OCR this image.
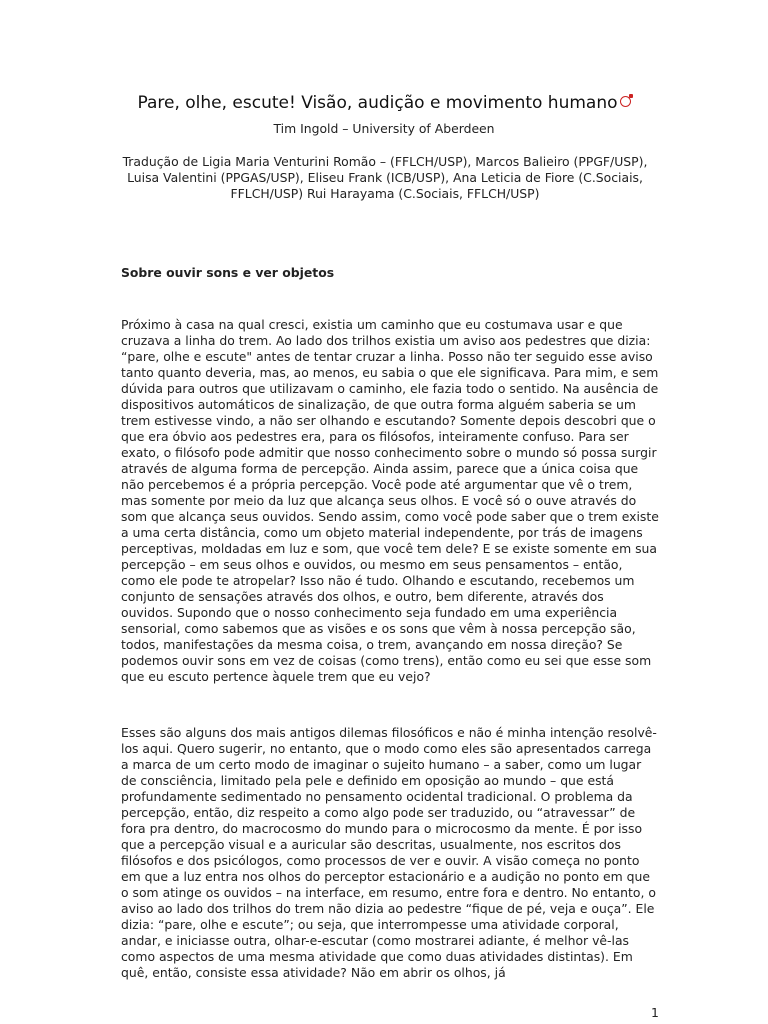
Pare, olhe, escute! Visão, audição e movimento humano
Tim Ingold – University of Aberdeen
Tradução de Ligia Maria Venturini Romão – (FFLCH/USP), Marcos Balieiro (PPGF/USP), Luisa Valentini (PPGAS/USP), Eliseu Frank (ICB/USP), Ana Leticia de Fiore (C.Sociais, FFLCH/USP) Rui Harayama (C.Sociais, FFLCH/USP)
Sobre ouvir sons e ver objetos
Próximo à casa na qual cresci, existia um caminho que eu costumava usar e que cruzava a linha do trem. Ao lado dos trilhos existia um aviso aos pedestres que dizia: “pare, olhe e escute" antes de tentar cruzar a linha. Posso não ter seguido esse aviso tanto quanto deveria, mas, ao menos, eu sabia o que ele significava. Para mim, e sem dúvida para outros que utilizavam o caminho, ele fazia todo o sentido. Na ausência de dispositivos automáticos de sinalização, de que outra forma alguém saberia se um trem estivesse vindo, a não ser olhando e escutando? Somente depois descobri que o que era óbvio aos pedestres era, para os filósofos, inteiramente confuso. Para ser exato, o filósofo pode admitir que nosso conhecimento sobre o mundo só possa surgir através de alguma forma de percepção. Ainda assim, parece que a única coisa que não percebemos é a própria percepção. Você pode até argumentar que vê o trem, mas somente por meio da luz que alcança seus olhos. E você só o ouve através do som que alcança seus ouvidos. Sendo assim, como você pode saber que o trem existe a uma certa distância, como um objeto material independente, por trás de imagens perceptivas, moldadas em luz e som, que você tem dele? E se existe somente em sua percepção – em seus olhos e ouvidos, ou mesmo em seus pensamentos – então, como ele pode te atropelar? Isso não é tudo. Olhando e escutando, recebemos um conjunto de sensações através dos olhos, e outro, bem diferente, através dos ouvidos. Supondo que o nosso conhecimento seja fundado em uma experiência sensorial, como sabemos que as visões e os sons que vêm à nossa percepção são, todos, manifestações da mesma coisa, o trem, avançando em nossa direção? Se podemos ouvir sons em vez de coisas (como trens), então como eu sei que esse som que eu escuto pertence àquele trem que eu vejo?
Esses são alguns dos mais antigos dilemas filosóficos e não é minha intenção resolvê-los aqui. Quero sugerir, no entanto, que o modo como eles são apresentados carrega a marca de um certo modo de imaginar o sujeito humano – a saber, como um lugar de consciência, limitado pela pele e definido em oposição ao mundo – que está profundamente sedimentado no pensamento ocidental tradicional. O problema da percepção, então, diz respeito a como algo pode ser traduzido, ou “atravessar” de fora pra dentro, do macrocosmo do mundo para o microcosmo da mente. É por isso que a percepção visual e a auricular são descritas, usualmente, nos escritos dos filósofos e dos psicólogos, como processos de ver e ouvir. A visão começa no ponto em que a luz entra nos olhos do perceptor estacionário e a audição no ponto em que o som atinge os ouvidos – na interface, em resumo, entre fora e dentro. No entanto, o aviso ao lado dos trilhos do trem não dizia ao pedestre “fique de pé, veja e ouça”. Ele dizia: “pare, olhe e escute”; ou seja, que interrompesse uma atividade corporal, andar, e iniciasse outra, olhar-e-escutar (como mostrarei adiante, é melhor vê-las como aspectos de uma mesma atividade que como duas atividades distintas). Em quê, então, consiste essa atividade? Não em abrir os olhos, já
1
